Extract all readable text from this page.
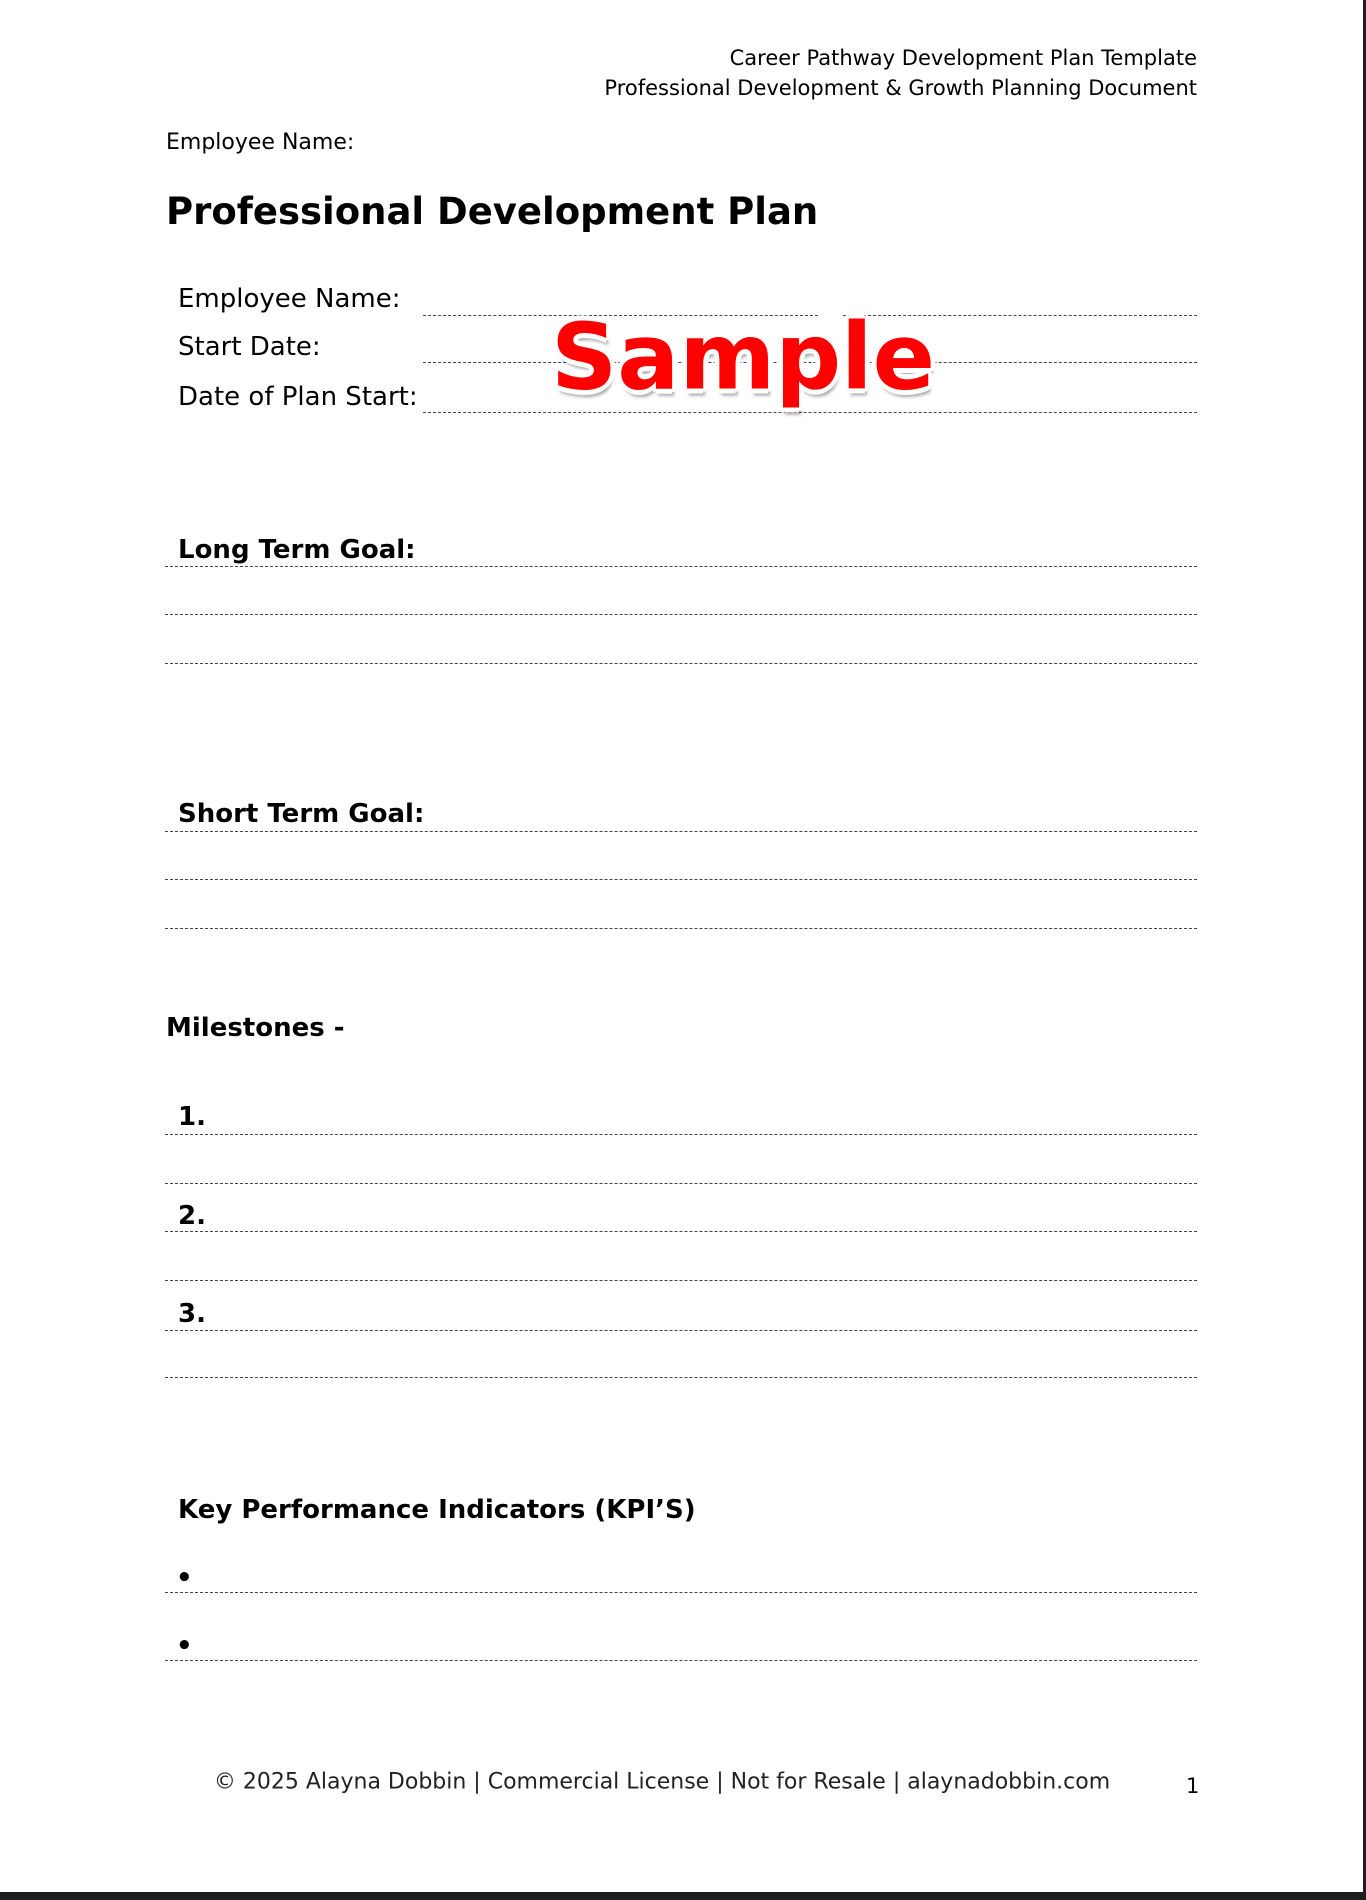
Career Pathway Development Plan Template
Professional Development & Growth Planning Document
Employee Name:
Professional Development Plan
Employee Name:
Start Date:
Date of Plan Start: Sample
Long Term Goal:
Short Term Goal:
Milestones -
1.
2.
3.
Key Performance Indicators (KPI’S)
•
•
© 2025 Alayna Dobbin | Commercial License | Not for Resale | alaynadobbin.com	1
